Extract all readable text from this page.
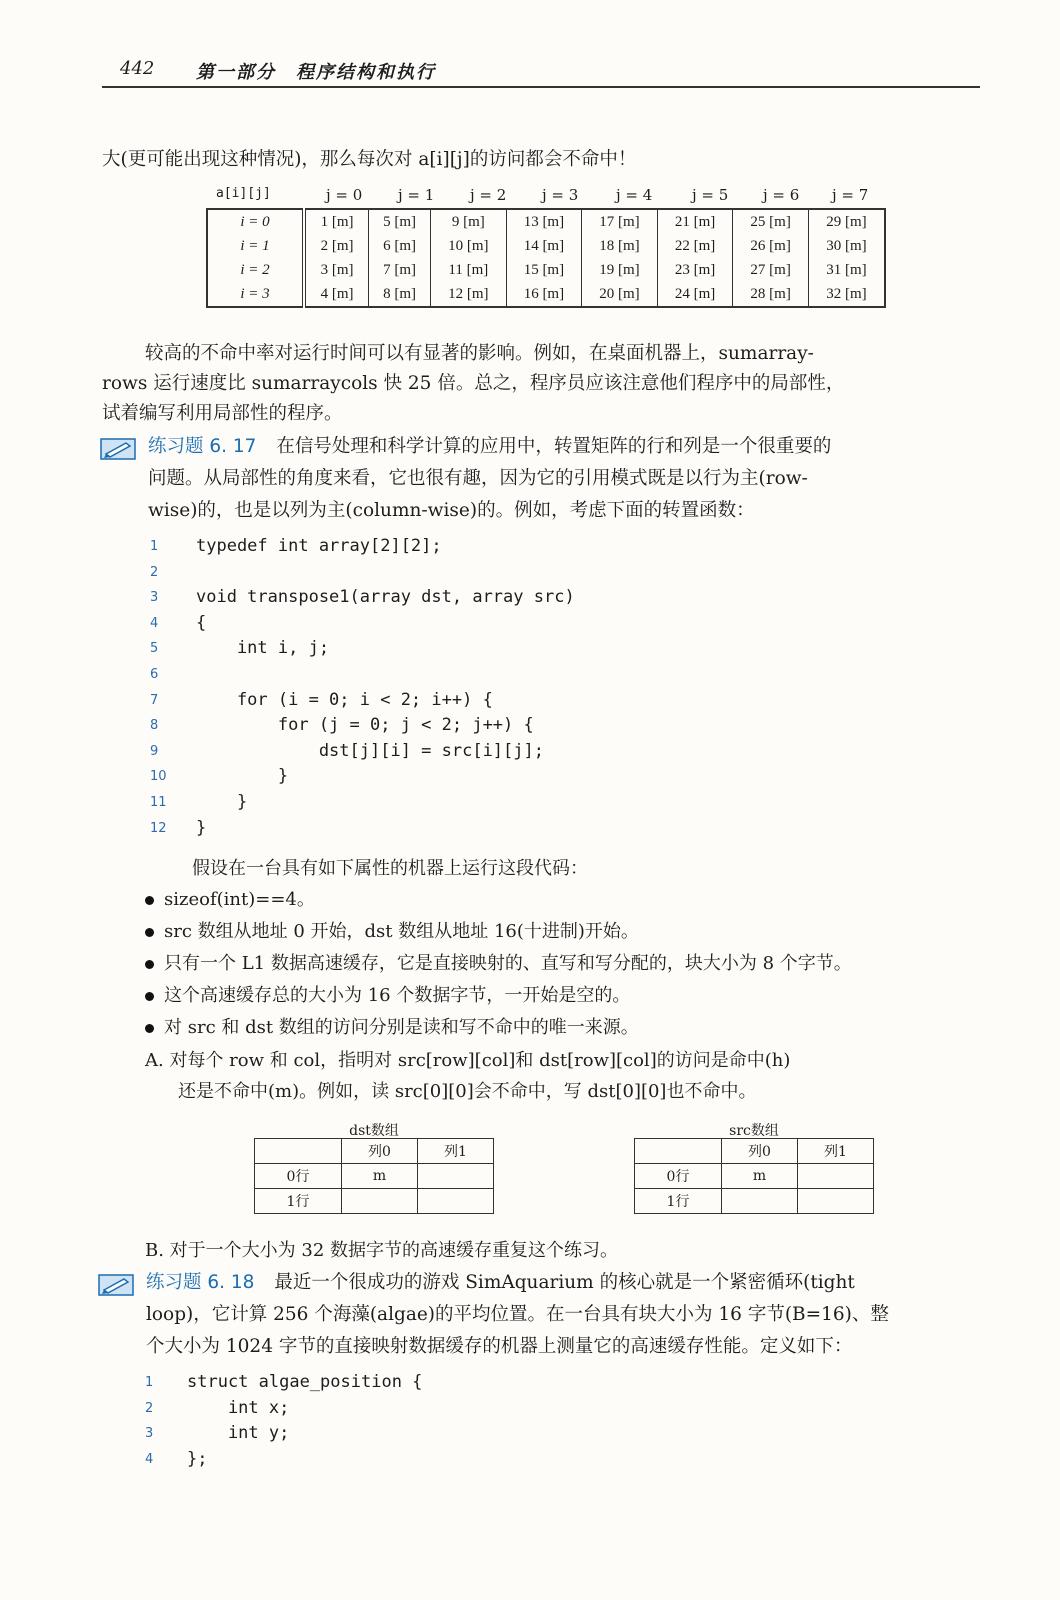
442 第一部分　程序结构和执行
大(更可能出现这种情况)，那么每次对 a[i][j]的访问都会不命中！
a[i][j]	j = 0 j = 1 j = 2 j = 3	j = 4	j = 5 j = 6 j = 7
i = 0	1 [m]	5 [m]	9 [m]	13 [m]	17 [m]	21 [m]	25 [m]	29 [m]
i = 1	2 [m]	6 [m]	10 [m]	14 [m]	18 [m]	22 [m]	26 [m]	30 [m]
i = 2	3 [m]	7 [m]	11 [m]	15 [m]	19 [m]	23 [m]	27 [m]	31 [m]
i = 3	4 [m]	8 [m]	12 [m]	16 [m]	20 [m]	24 [m]	28 [m]	32 [m]
较高的不命中率对运行时间可以有显著的影响。例如，在桌面机器上，sumarray-
rows 运行速度比 sumarraycols 快 25 倍。总之，程序员应该注意他们程序中的局部性，
试着编写利用局部性的程序。
练习题 6. 17 在信号处理和科学计算的应用中，转置矩阵的行和列是一个很重要的
问题。从局部性的角度来看，它也很有趣，因为它的引用模式既是以行为主(row-
wise)的，也是以列为主(column-wise)的。例如，考虑下面的转置函数：
1	typedef int array[2][2];
2
3	void transpose1(array dst, array src)
4	{
5	int i, j;
6
7	for (i = 0; i < 2; i++) {
8	for (j = 0; j < 2; j++) {
9	dst[j][i] = src[i][j];
10	}
11	}
12	}
假设在一台具有如下属性的机器上运行这段代码：
sizeof(int)==4。
src 数组从地址 0 开始，dst 数组从地址 16(十进制)开始。
只有一个 L1 数据高速缓存，它是直接映射的、直写和写分配的，块大小为 8 个字节。
这个高速缓存总的大小为 16 个数据字节，一开始是空的。
对 src 和 dst 数组的访问分别是读和写不命中的唯一来源。
A. 对每个 row 和 col，指明对 src[row][col]和 dst[row][col]的访问是命中(h)
还是不命中(m)。例如，读 src[0][0]会不命中，写 dst[0][0]也不命中。
dst数组
	列0	列1
0行	m	
1行		
src数组
	列0	列1
0行	m	
1行		
B. 对于一个大小为 32 数据字节的高速缓存重复这个练习。
练习题 6. 18 最近一个很成功的游戏 SimAquarium 的核心就是一个紧密循环(tight
loop)，它计算 256 个海藻(algae)的平均位置。在一台具有块大小为 16 字节(B=16)、整
个大小为 1024 字节的直接映射数据缓存的机器上测量它的高速缓存性能。定义如下：
1	struct algae_position {
2	int x;
3	int y;
4	};
